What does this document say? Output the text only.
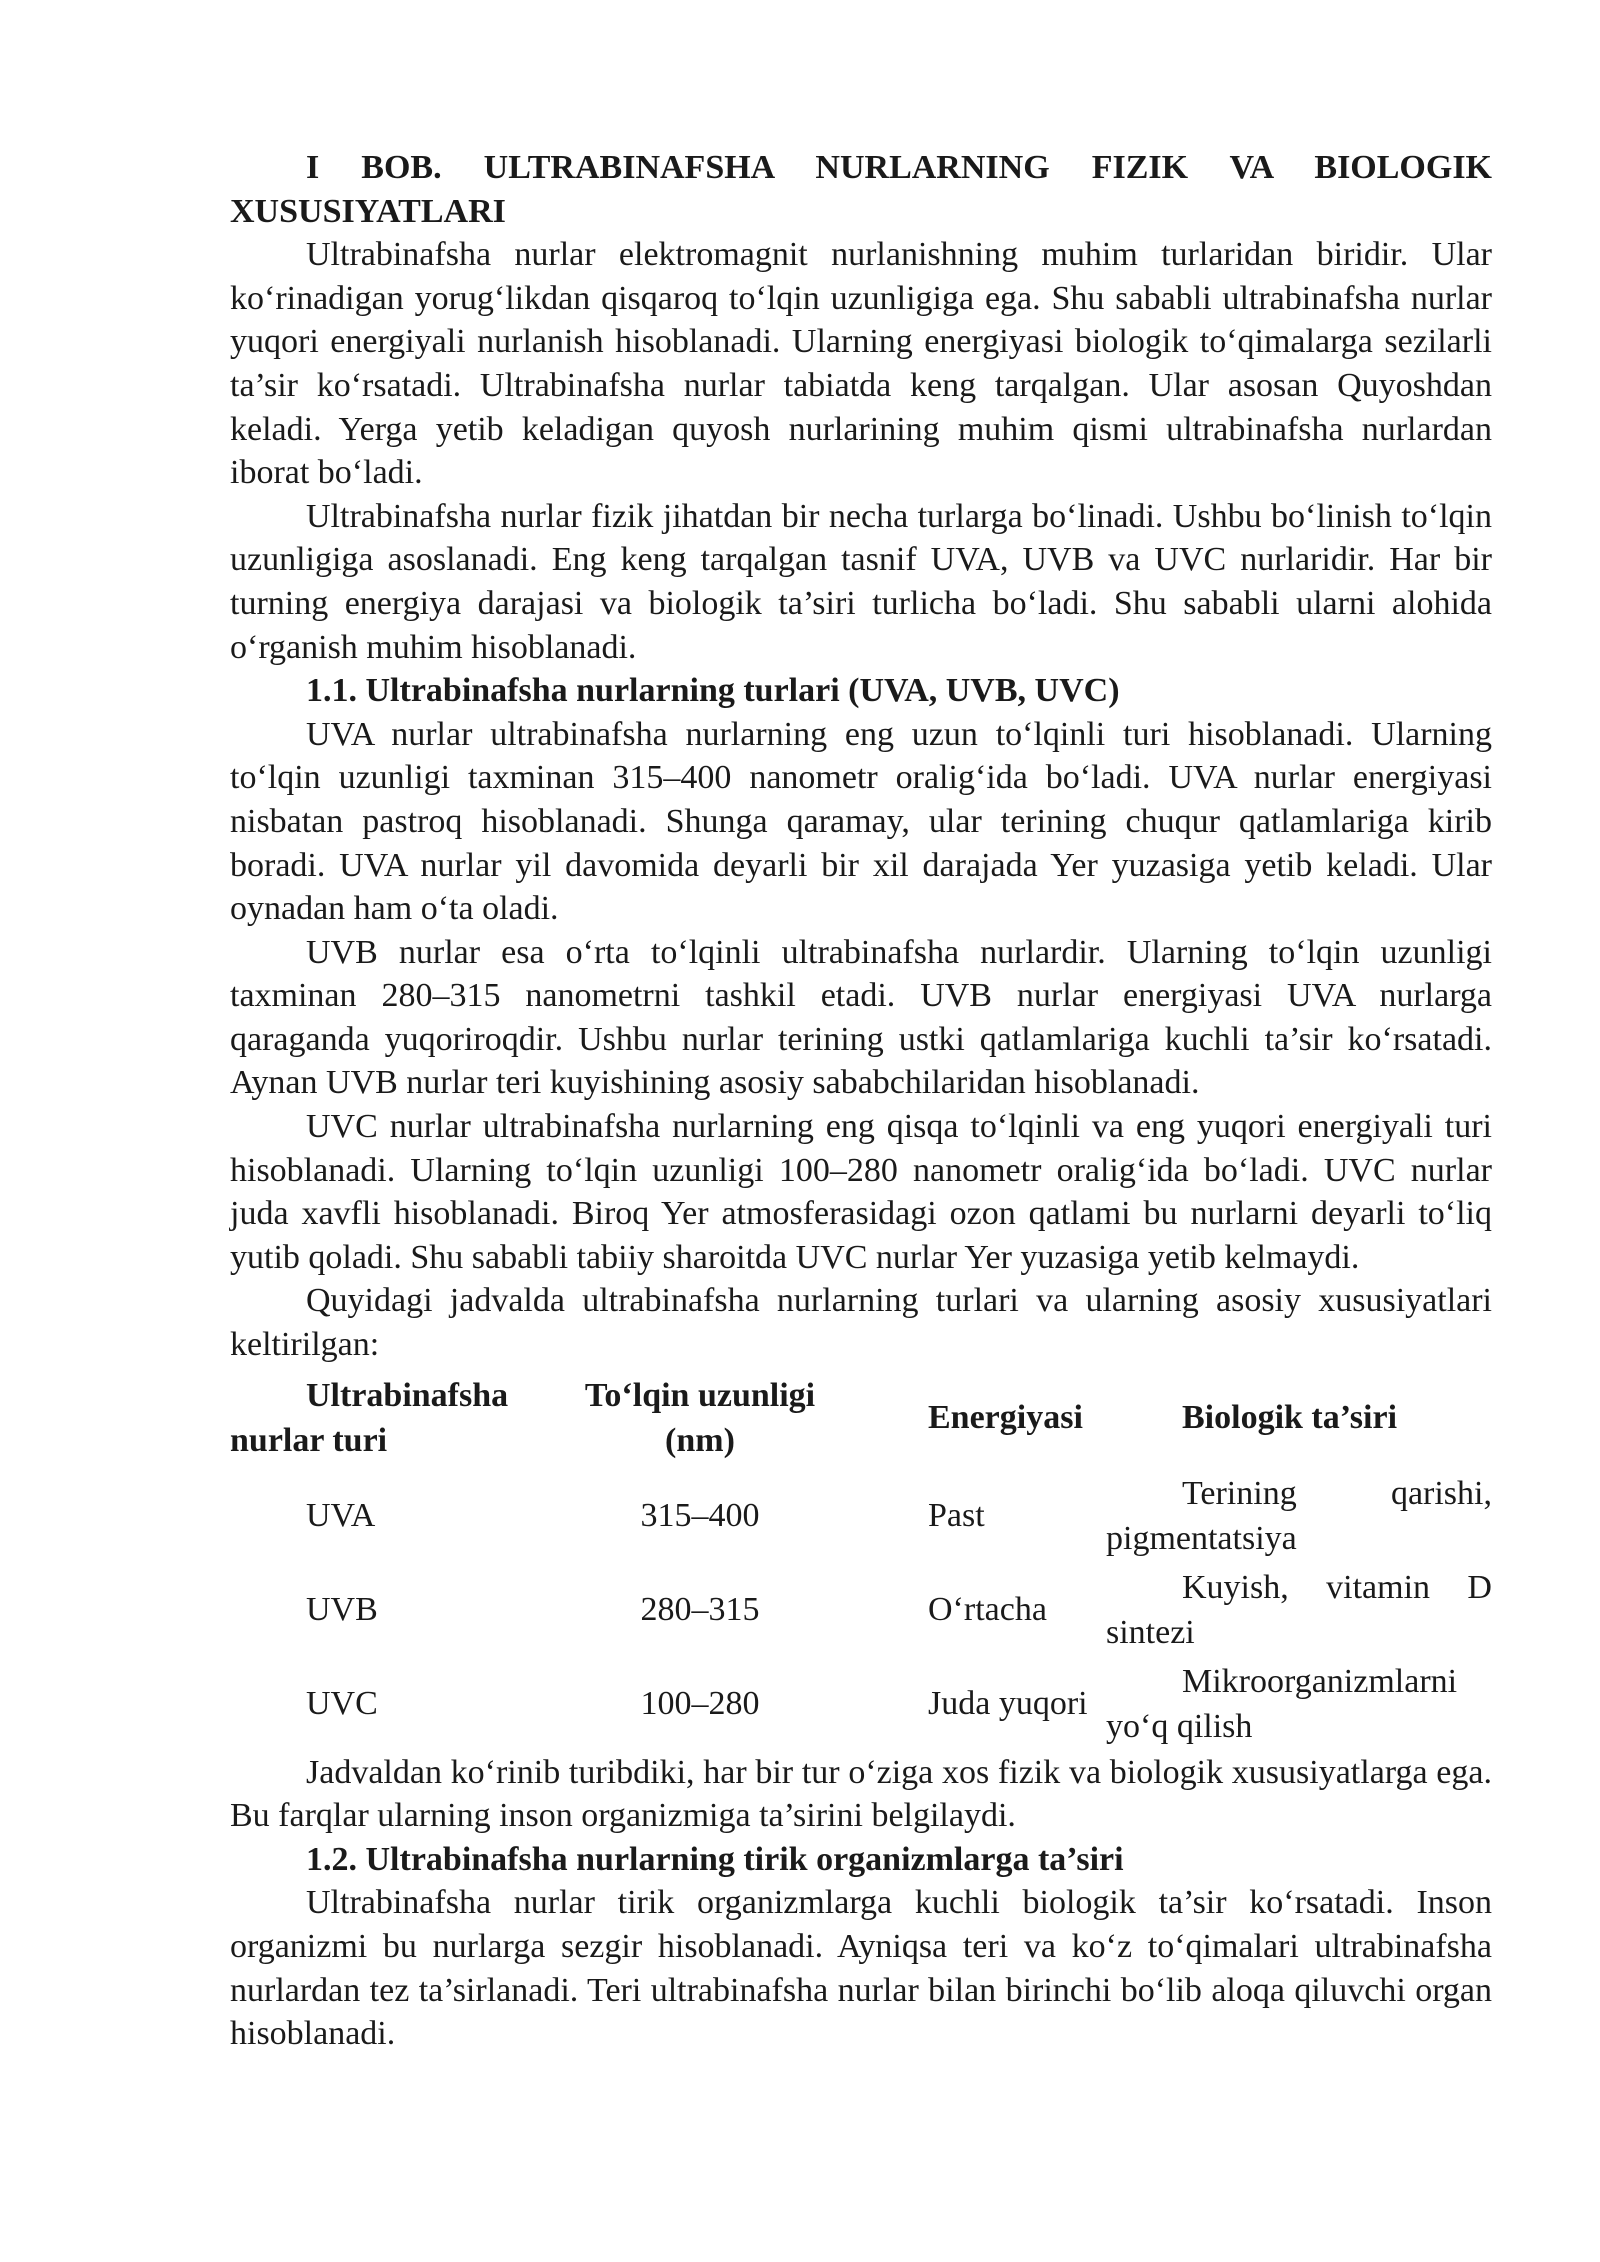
I BOB. ULTRABINAFSHA NURLARNING FIZIK VA BIOLOGIK XUSUSIYATLARI

Ultrabinafsha nurlar elektromagnit nurlanishning muhim turlaridan biridir. Ular ko‘rinadigan yorug‘likdan qisqaroq to‘lqin uzunligiga ega. Shu sababli ultrabinafsha nurlar yuqori energiyali nurlanish hisoblanadi. Ularning energiyasi biologik to‘qimalarga sezilarli ta’sir ko‘rsatadi. Ultrabinafsha nurlar tabiatda keng tarqalgan. Ular asosan Quyoshdan keladi. Yerga yetib keladigan quyosh nurlarining muhim qismi ultrabinafsha nurlardan iborat bo‘ladi.

Ultrabinafsha nurlar fizik jihatdan bir necha turlarga bo‘linadi. Ushbu bo‘linish to‘lqin uzunligiga asoslanadi. Eng keng tarqalgan tasnif UVA, UVB va UVC nurlaridir. Har bir turning energiya darajasi va biologik ta’siri turlicha bo‘ladi. Shu sababli ularni alohida o‘rganish muhim hisoblanadi.

1.1. Ultrabinafsha nurlarning turlari (UVA, UVB, UVC)

UVA nurlar ultrabinafsha nurlarning eng uzun to‘lqinli turi hisoblanadi. Ularning to‘lqin uzunligi taxminan 315–400 nanometr oralig‘ida bo‘ladi. UVA nurlar energiyasi nisbatan pastroq hisoblanadi. Shunga qaramay, ular terining chuqur qatlamlariga kirib boradi. UVA nurlar yil davomida deyarli bir xil darajada Yer yuzasiga yetib keladi. Ular oynadan ham o‘ta oladi.

UVB nurlar esa o‘rta to‘lqinli ultrabinafsha nurlardir. Ularning to‘lqin uzunligi taxminan 280–315 nanometrni tashkil etadi. UVB nurlar energiyasi UVA nurlarga qaraganda yuqoriroqdir. Ushbu nurlar terining ustki qatlamlariga kuchli ta’sir ko‘rsatadi. Aynan UVB nurlar teri kuyishining asosiy sababchilaridan hisoblanadi.

UVC nurlar ultrabinafsha nurlarning eng qisqa to‘lqinli va eng yuqori energiyali turi hisoblanadi. Ularning to‘lqin uzunligi 100–280 nanometr oralig‘ida bo‘ladi. UVC nurlar juda xavfli hisoblanadi. Biroq Yer atmosferasidagi ozon qatlami bu nurlarni deyarli to‘liq yutib qoladi. Shu sababli tabiiy sharoitda UVC nurlar Yer yuzasiga yetib kelmaydi.

Quyidagi jadvalda ultrabinafsha nurlarning turlari va ularning asosiy xususiyatlari keltirilgan:

Ultrabinafsha nurlar turi	To‘lqin uzunligi (nm)	Energiyasi	Biologik ta’siri
UVA	315–400	Past	Terining qarishi, pigmentatsiya
UVB	280–315	O‘rtacha	Kuyish, vitamin D sintezi
UVC	100–280	Juda yuqori	Mikroorganizmlarni yo‘q qilish

Jadvaldan ko‘rinib turibdiki, har bir tur o‘ziga xos fizik va biologik xususiyatlarga ega. Bu farqlar ularning inson organizmiga ta’sirini belgilaydi.

1.2. Ultrabinafsha nurlarning tirik organizmlarga ta’siri

Ultrabinafsha nurlar tirik organizmlarga kuchli biologik ta’sir ko‘rsatadi. Inson organizmi bu nurlarga sezgir hisoblanadi. Ayniqsa teri va ko‘z to‘qimalari ultrabinafsha nurlardan tez ta’sirlanadi. Teri ultrabinafsha nurlar bilan birinchi bo‘lib aloqa qiluvchi organ hisoblanadi.
